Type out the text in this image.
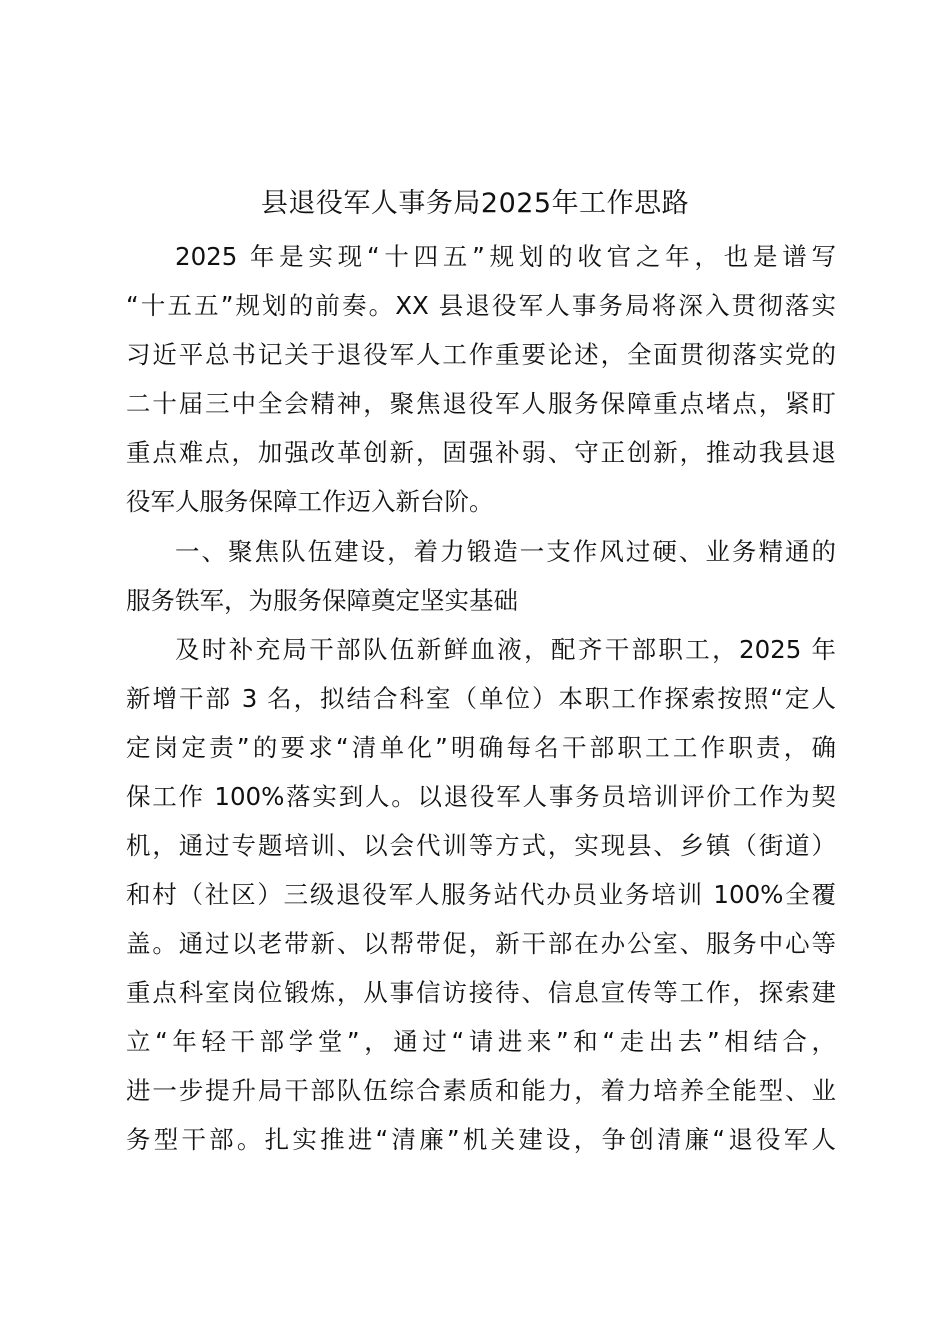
县退役军人事务局2025年工作思路
2025 年是实现“十四五”规划的收官之年，也是谱写
“十五五”规划的前奏。XX 县退役军人事务局将深入贯彻落实
习近平总书记关于退役军人工作重要论述，全面贯彻落实党的
二十届三中全会精神，聚焦退役军人服务保障重点堵点，紧盯
重点难点，加强改革创新，固强补弱、守正创新，推动我县退
役军人服务保障工作迈入新台阶。
一、聚焦队伍建设，着力锻造一支作风过硬、业务精通的
服务铁军，为服务保障奠定坚实基础
及时补充局干部队伍新鲜血液，配齐干部职工，2025 年
新增干部 3 名，拟结合科室（单位）本职工作探索按照“定人
定岗定责”的要求“清单化”明确每名干部职工工作职责，确
保工作 100%落实到人。以退役军人事务员培训评价工作为契
机，通过专题培训、以会代训等方式，实现县、乡镇（街道）
和村（社区）三级退役军人服务站代办员业务培训 100%全覆
盖。通过以老带新、以帮带促，新干部在办公室、服务中心等
重点科室岗位锻炼，从事信访接待、信息宣传等工作，探索建
立“年轻干部学堂”，通过“请进来”和“走出去”相结合，
进一步提升局干部队伍综合素质和能力，着力培养全能型、业
务型干部。扎实推进“清廉”机关建设，争创清廉“退役军人
